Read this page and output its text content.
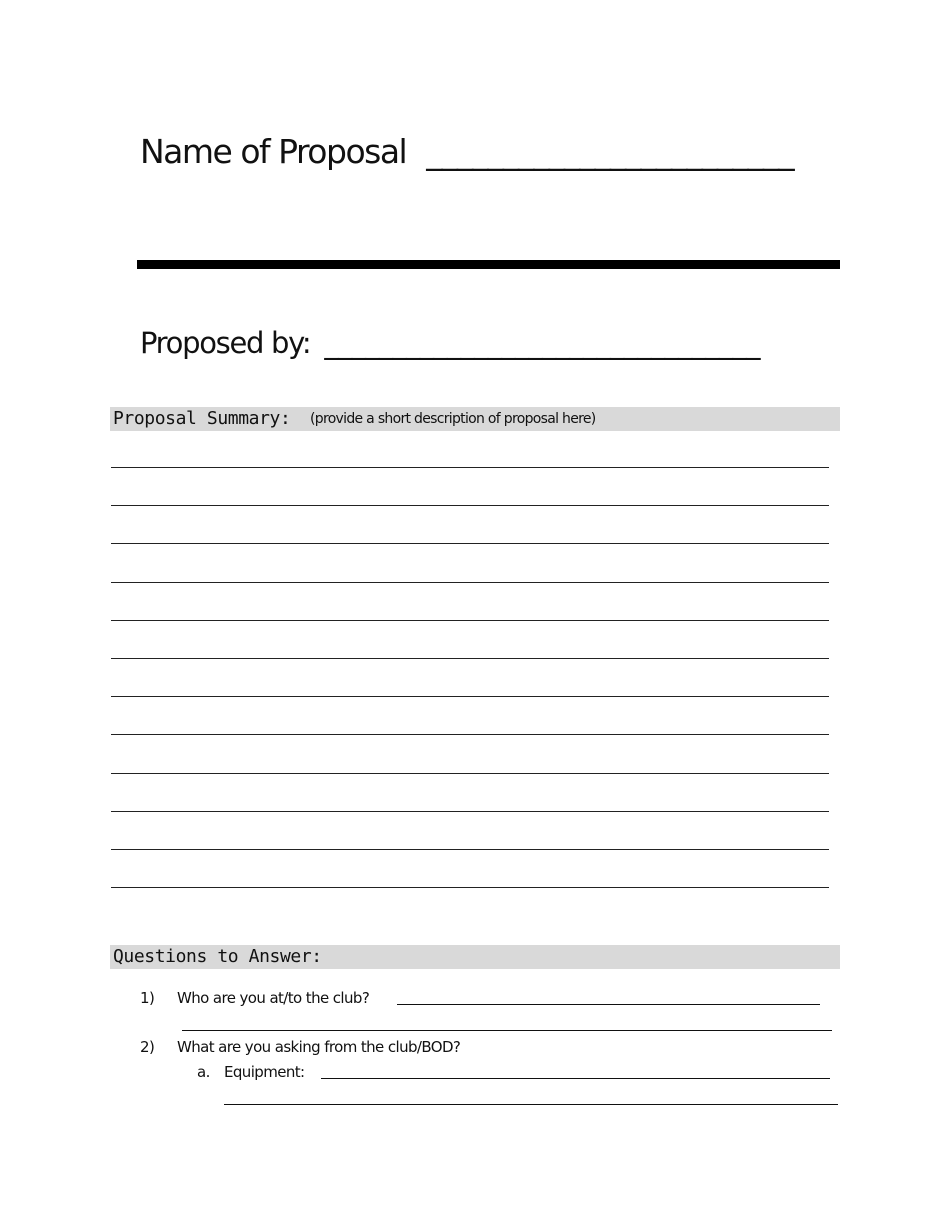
Name of Proposal ________________________
Proposed by: ________________________________
Proposal Summary: (provide a short description of proposal here)
Questions to Answer:
1) Who are you at/to the club?
2) What are you asking from the club/BOD?
a. Equipment:
